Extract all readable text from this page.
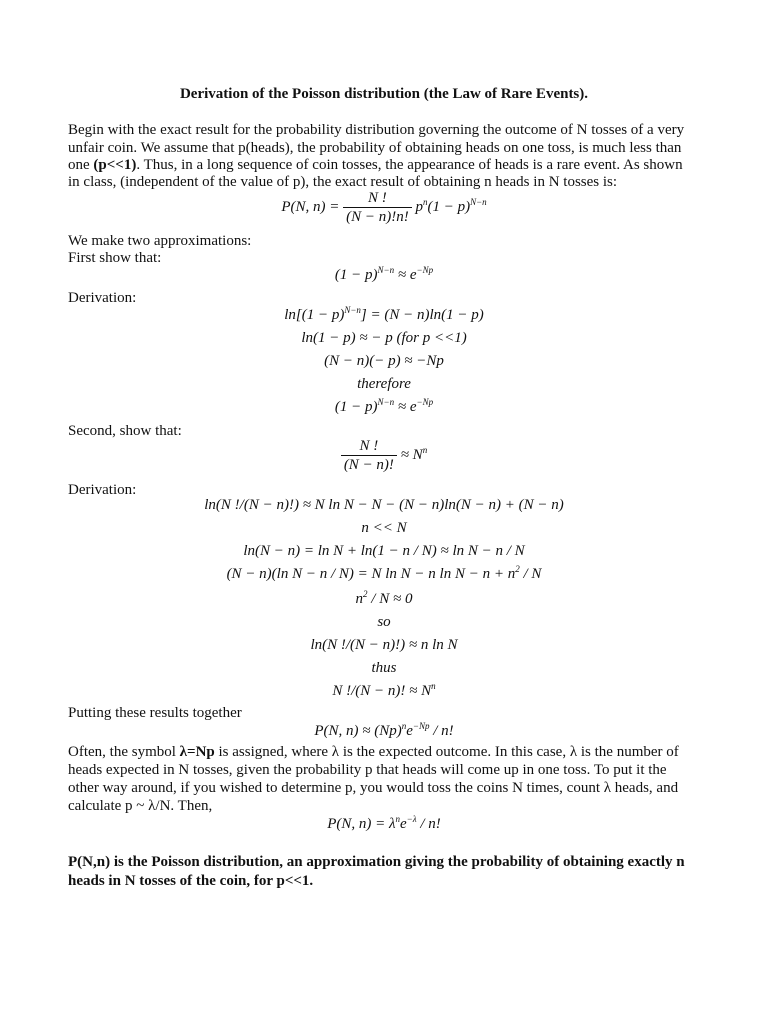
Derivation of the Poisson distribution (the Law of Rare Events).
Begin with the exact result for the probability distribution governing the outcome of N tosses of a very
unfair coin. We assume that p(heads), the probability of obtaining heads on one toss, is much less than
one (p<<1). Thus, in a long sequence of coin tosses, the appearance of heads is a rare event. As shown
in class, (independent of the value of p), the exact result of obtaining n heads in N tosses is:
P(N, $n) = \frac{N !}{(N - n)!n!} p^n(1 - p)^{N-n}$
We make two approximations:
First show that:
$(1 - p)^{N-n} \approx e^{-Np}$
Derivation:
$\ln[(1 - p)^{N-n}] = (N - n)\ln(1 - p)$
ln(1 − p) ≈ − p (for p <<1)
(N − n)(− p) ≈ −Np
therefore
$(1 - p)^{N-n} \approx e^{-Np}$
Second, show that:
$\frac{N !}{(N - n)!} \approx N^n$
Derivation:
ln(N !/(N − n)!) ≈ N ln N − N − (N − n)ln(N − n) + (N − n)
n << N
ln(N − n) = ln N + ln(1 − n / N) ≈ ln N − n / N
(N − n)(ln N − n / N) = N ln N − n $\ln N - n + n^2 / N$
$n^2 / N \approx 0$
so
ln(N !/(N − n)!) ≈ n ln N
thus
N !/(N − n)! ≈ $N^n$
Putting these results together
P(N, $n) \approx (Np)^ne^{-Np} / n$!
Often, the symbol λ=Np is assigned, where λ is the expected outcome. In this case, λ is the number of
heads expected in N tosses, given the probability p that heads will come up in one toss. To put it the
other way around, if you wished to determine p, you would toss the coins N times, count λ heads, and
calculate p ~ λ/N. Then,
P(N, $n) = \lambda^ne^{-\lambda} / n$!
P(N,n) is the Poisson distribution, an approximation giving the probability of obtaining exactly n
heads in N tosses of the coin, for p<<1.
